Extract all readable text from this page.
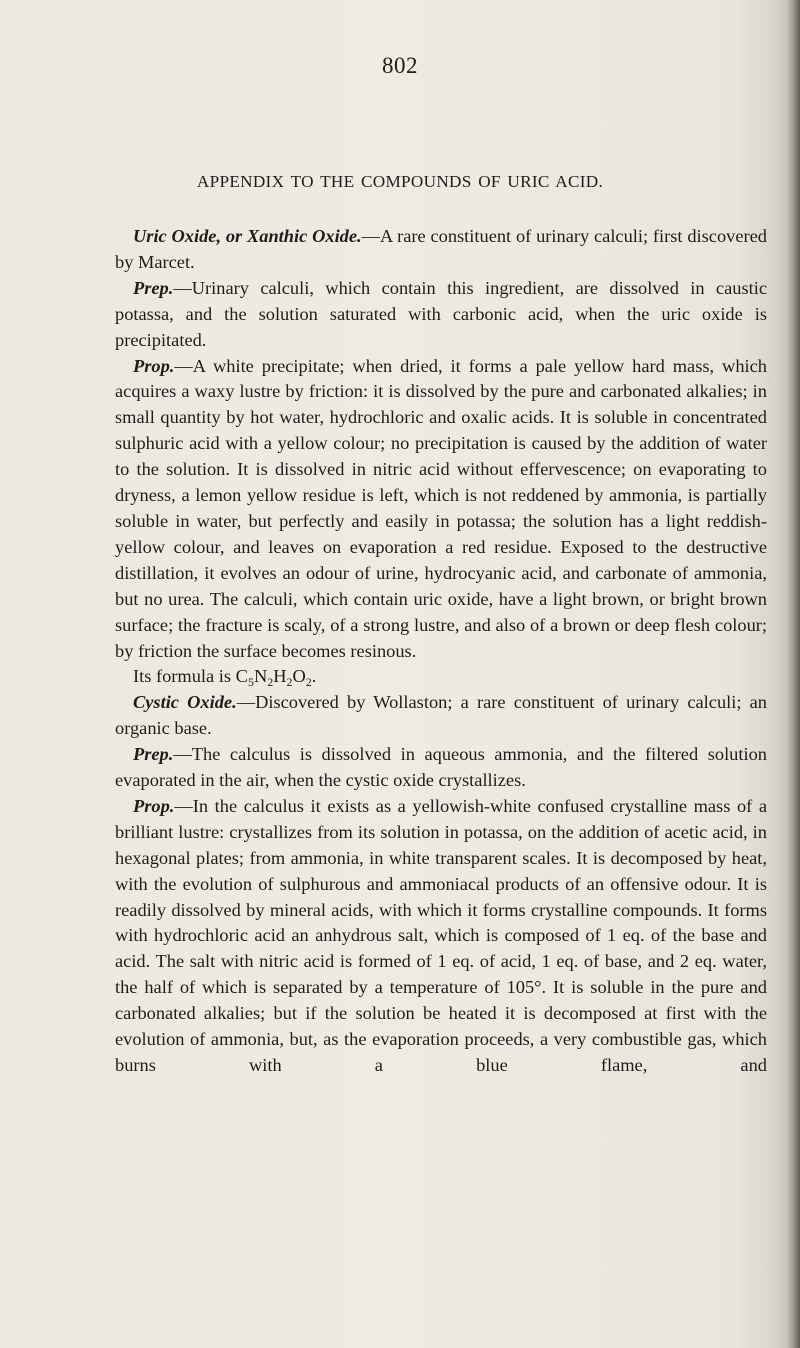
802
APPENDIX TO THE COMPOUNDS OF URIC ACID.

Uric Oxide, or Xanthic Oxide.—A rare constituent of urinary calculi; first discovered by Marcet.

Prep.—Urinary calculi, which contain this ingredient, are dissolved in caustic potassa, and the solution saturated with carbonic acid, when the uric oxide is precipitated.

Prop.—A white precipitate; when dried, it forms a pale yellow hard mass, which acquires a waxy lustre by friction: it is dissolved by the pure and carbonated alkalies; in small quantity by hot water, hydrochloric and oxalic acids. It is soluble in concentrated sulphuric acid with a yellow colour; no precipitation is caused by the addition of water to the solution. It is dissolved in nitric acid without effervescence; on evaporating to dryness, a lemon yellow residue is left, which is not reddened by ammonia, is partially soluble in water, but perfectly and easily in potassa; the solution has a light reddish-yellow colour, and leaves on evaporation a red residue. Exposed to the destructive distillation, it evolves an odour of urine, hydrocyanic acid, and carbonate of ammonia, but no urea. The calculi, which contain uric oxide, have a light brown, or bright brown surface; the fracture is scaly, of a strong lustre, and also of a brown or deep flesh colour; by friction the surface becomes resinous.

Its formula is $C_5N_2H_2O_2$.

Cystic Oxide.—Discovered by Wollaston; a rare constituent of urinary calculi; an organic base.

Prep.—The calculus is dissolved in aqueous ammonia, and the filtered solution evaporated in the air, when the cystic oxide crystallizes.

Prop.—In the calculus it exists as a yellowish-white confused crystalline mass of a brilliant lustre: crystallizes from its solution in potassa, on the addition of acetic acid, in hexagonal plates; from ammonia, in white transparent scales. It is decomposed by heat, with the evolution of sulphurous and ammoniacal products of an offensive odour. It is readily dissolved by mineral acids, with which it forms crystalline compounds. It forms with hydrochloric acid an anhydrous salt, which is composed of 1 eq. of the base and acid. The salt with nitric acid is formed of 1 eq. of acid, 1 eq. of base, and 2 eq. water, the half of which is separated by a temperature of 105°. It is soluble in the pure and carbonated alkalies; but if the solution be heated it is decomposed at first with the evolution of ammonia, but, as the evaporation proceeds, a very combustible gas, which burns with a blue flame, and
